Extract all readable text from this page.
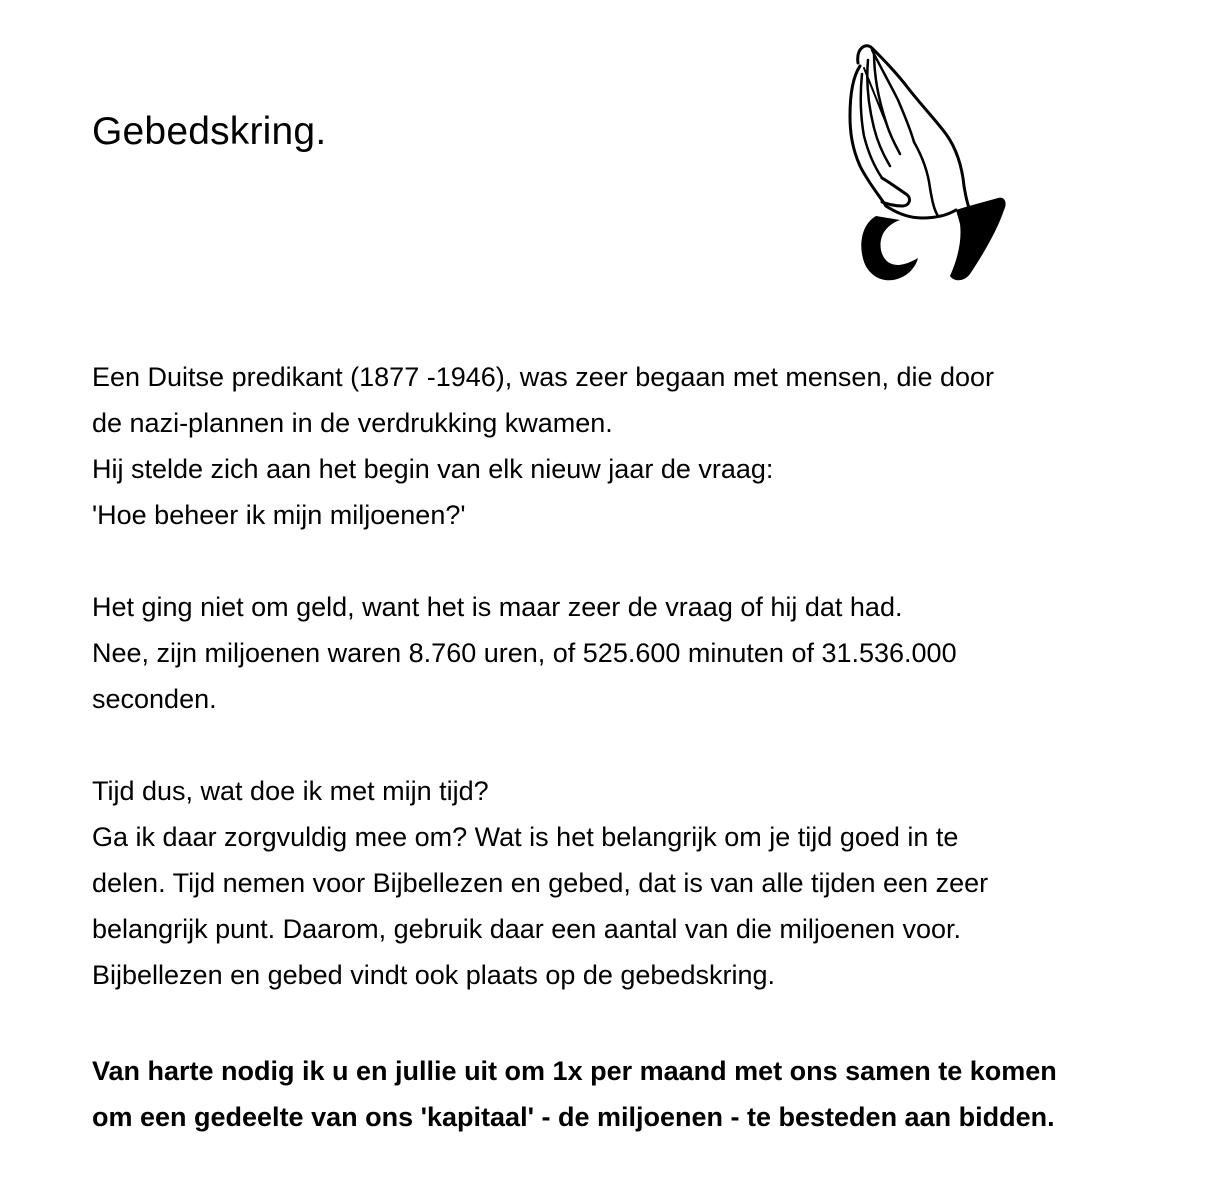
Gebedskring.

Een Duitse predikant (1877 -1946), was zeer begaan met mensen, die door

de nazi-plannen in de verdrukking kwamen.

Hij stelde zich aan het begin van elk nieuw jaar de vraag:

'Hoe beheer ik mijn miljoenen?'

Het ging niet om geld, want het is maar zeer de vraag of hij dat had.

Nee, zijn miljoenen waren 8.760 uren, of 525.600 minuten of 31.536.000

seconden.

Tijd dus, wat doe ik met mijn tijd?

Ga ik daar zorgvuldig mee om? Wat is het belangrijk om je tijd goed in te

delen. Tijd nemen voor Bijbellezen en gebed, dat is van alle tijden een zeer

belangrijk punt. Daarom, gebruik daar een aantal van die miljoenen voor.

Bijbellezen en gebed vindt ook plaats op de gebedskring.

Van harte nodig ik u en jullie uit om 1x per maand met ons samen te komen

om een gedeelte van ons 'kapitaal' - de miljoenen - te besteden aan bidden.
